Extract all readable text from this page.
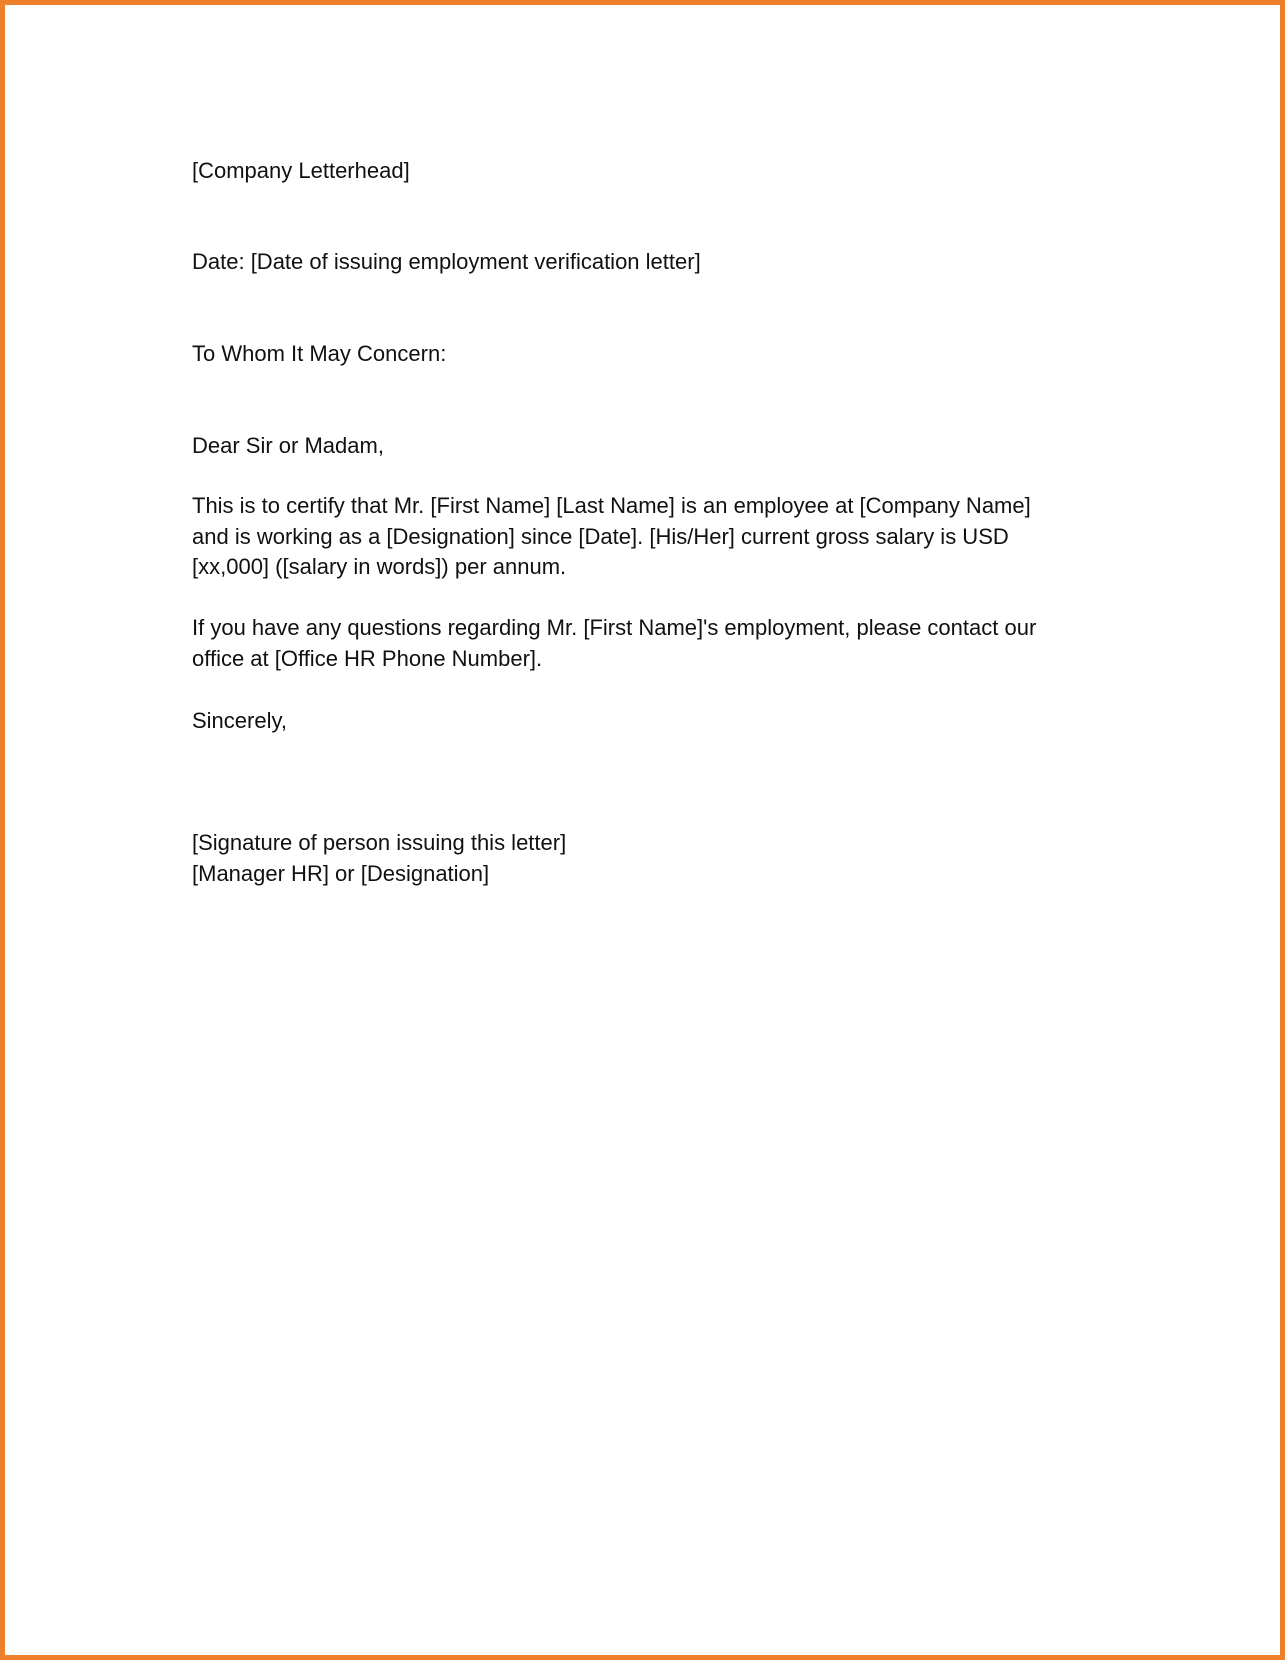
[Company Letterhead]

Date: [Date of issuing employment verification letter]

To Whom It May Concern:

Dear Sir or Madam,

This is to certify that Mr. [First Name] [Last Name] is an employee at [Company Name]
and is working as a [Designation] since [Date]. [His/Her] current gross salary is USD
[xx,000] ([salary in words]) per annum.
If you have any questions regarding Mr. [First Name]'s employment, please contact our
office at [Office HR Phone Number].

Sincerely,

[Signature of person issuing this letter]

[Manager HR] or [Designation]
